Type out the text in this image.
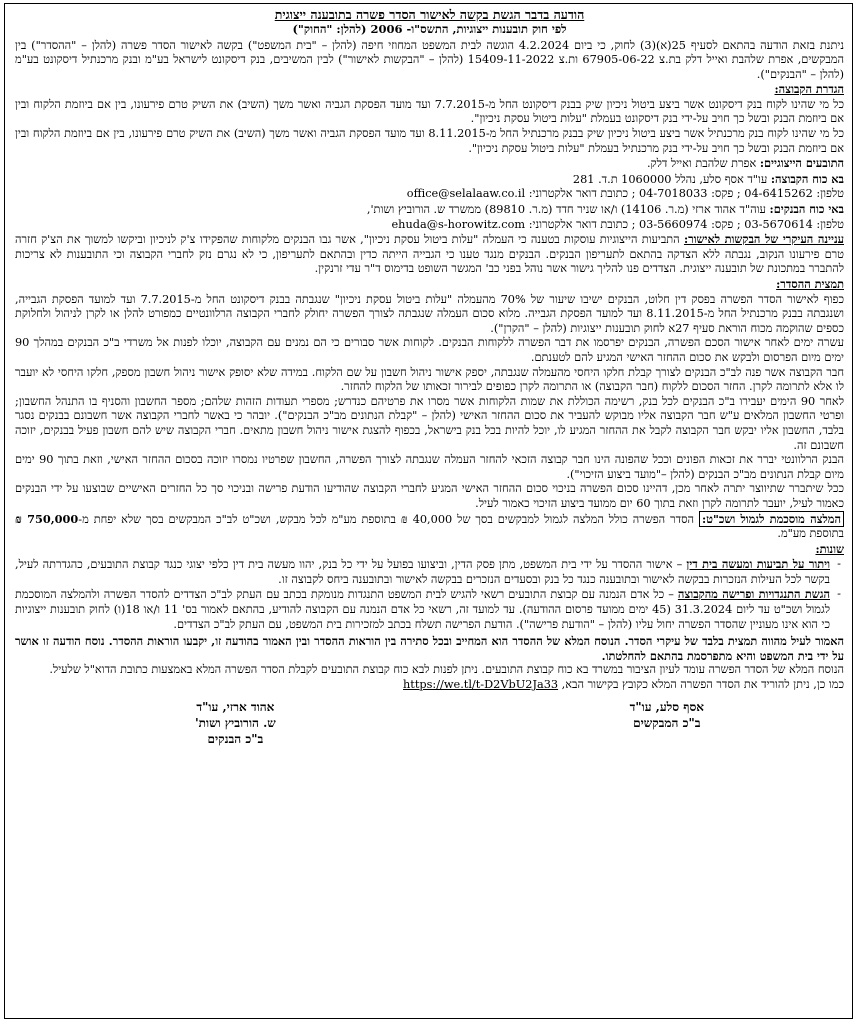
הודעה בדבר הגשת בקשה לאישור הסדר פשרה בתובענה ייצוגית
לפי חוק תובענות ייצוגיות, התשס"ו- 2006 (להלן: "החוק")

ניתנת בזאת הודעה בהתאם לסעיף 25(א)(3) לחוק, כי ביום 4.2.2024 הוגשה לבית המשפט המחוזי חיפה (להלן – "בית המשפט") בקשה לאישור הסדר פשרה (להלן – "ההסדר") בין המבקשים, אפרת שלהבת ואייל דלק בת.צ 67905-06-22 ות.צ 15409-11-2022 (להלן – "הבקשות לאישור") לבין המשיבים, בנק דיסקונט לישראל בע"מ ובנק מרכנתיל דיסקונט בע"מ (להלן – "הבנקים").

הגדרת הקבוצה:

כל מי שהינו לקוח בנק דיסקונט אשר ביצע ביטול ניכיון שיק בבנק דיסקונט החל מ-7.7.2015 ועד מועד הפסקת הגביה ואשר משך (השיב) את השיק טרם פירעונו, בין אם ביוזמת הלקוח ובין אם ביוזמת הבנק ובשל כך חויב על-ידי בנק דיסקונט בעמלת "עלות ביטול עסקת ניכיון".

כל מי שהינו לקוח בנק מרכנתיל אשר ביצע ביטול ניכיון שיק בבנק מרכנתיל החל מ-8.11.2015 ועד מועד הפסקת הגביה ואשר משך (השיב) את השיק טרם פירעונו, בין אם ביוזמת הלקוח ובין אם ביוזמת הבנק ובשל כך חויב על-ידי בנק מרכנתיל בעמלת "עלות ביטול עסקת ניכיון".

התובעים הייצוגיים: אפרת שלהבת ואייל דלק.

בא כוח הקבוצה: עו"ד אסף סלע, נהלל 1060000 ת.ד. 281

טלפון: 04-6415262 ; פקס: 04-7018033 ; כתובת דואר אלקטרוני: office@selalaaw.co.il

באי כוח הבנקים: עוה"ד אהוד ארזי (מ.ר. 14106) ו/או שניר חדד (מ.ר. 89810) ממשרד ש. הורוביץ ושות',

טלפון: 03-5670614 ; פקס: 03-5660974 ; כתובת דואר אלקטרוני: ehuda@s-horowitz.com

עניינה העיקרי של הבקשות לאישור: התביעות הייצוגיות עוסקות בטענה כי העמלה "עלות ביטול עסקת ניכיון", אשר גבו הבנקים מלקוחות שהפקידו צ'ק לניכיון וביקשו למשוך את הצ'ק חזרה טרם פירעונו הנקוב, נגבתה ללא הצדקה בהתאם לתעריפון הבנקים. הבנקים מנגד טענו כי הגבייה הייתה כדין ובהתאם לתעריפון, כי לא נגרם נזק לחברי הקבוצה וכי התובענות לא צריכות להתברר במתכונת של תובענה ייצוגית. הצדדים פנו להליך גישור אשר נוהל בפני כב' המגשר השופט בדימוס ד"ר עדי זרנקין.

תמצית ההסדר:

כפוף לאישור הסדר הפשרה בפסק דין חלוט, הבנקים ישיבו שיעור של 70% מהעמלה "עלות ביטול עסקת ניכיון" שנגבתה בבנק דיסקונט החל מ-7.7.2015 ועד למועד הפסקת הגבייה, ושנגבתה בבנק מרכנתיל החל מ-8.11.2015 ועד למועד הפסקת הגבייה. מלוא סכום העמלה שנגבתה לצורך הפשרה יחולק לחברי הקבוצה הרלוונטיים כמפורט להלן או לקרן לניהול ולחלוקת כספים שהוקמה מכוח הוראת סעיף 27א לחוק תובענות ייצוגיות (להלן – "הקרן").

עשרה ימים לאחר אישור הסכם הפשרה, הבנקים יפרסמו את דבר הפשרה ללקוחות הבנקים. לקוחות אשר סבורים כי הם נמנים עם הקבוצה, יוכלו לפנות אל משרדי ב"כ הבנקים במהלך 90 ימים מיום הפרסום ולבקש את סכום ההחזר האישי המגיע להם לטענתם.

חבר הקבוצה אשר פנה לב"כ הבנקים לצורך קבלת חלקו היחסי מהעמלה שנגבתה, יספק אישור ניהול חשבון על שם הלקוח. במידה שלא יסופק אישור ניהול חשבון מספק, חלקו היחסי לא יועבר לו אלא לתרומה לקרן. החזר הסכום ללקוח (חבר הקבוצה) או התרומה לקרן כפופים לבירור זכאותו של הלקוח להחזר.

לאחר 90 הימים יעבירו ב"כ הבנקים לכל בנק, רשימה הכוללת את שמות הלקוחות אשר מסרו את פרטיהם כנדרש; מספרי תעודות הזהות שלהם; מספר החשבון והסניף בו התנהל החשבון; ופרטי החשבון המלאים ע"ש חבר הקבוצה אליו מבוקש להעביר את סכום ההחזר האישי (להלן – "קבלת הנתונים מב"כ הבנקים"). יובהר כי באשר לחברי הקבוצה אשר חשבונם בבנקים נסגר בלבד, החשבון אליו יבקש חבר הקבוצה לקבל את ההחזר המגיע לו, יוכל להיות בכל בנק בישראל, בכפוף להצגת אישור ניהול חשבון מתאים. חברי הקבוצה שיש להם חשבון פעיל בבנקים, יזוכה חשבונם זה.

הבנק הרלוונטי יברר את זכאות הפונים וככל שהפונה הינו חבר קבוצה הזכאי להחזר העמלה שנגבתה לצורך הפשרה, החשבון שפרטיו נמסרו יזוכה בסכום ההחזר האישי, וזאת בתוך 90 ימים מיום קבלת הנתונים מב"כ הבנקים (להלן –"מועד ביצוע הזיכוי").

ככל שיתברר שתיווצר יתרה לאחר מכן, דהיינו סכום הפשרה בניכוי סכום ההחזר האישי המגיע לחברי הקבוצה שהודיעו הודעת פרישה ובניכוי סך כל החזרים האישיים שבוצעו על ידי הבנקים כאמור לעיל, יועבר לתרומה לקרן וזאת בתוך 60 יום ממועד ביצוע הזיכוי כאמור לעיל.

המלצה מוסכמת לגמול ושכ"ט: הסדר הפשרה כולל המלצה לגמול למבקשים בסך של 40,000 ₪ בתוספת מע"מ לכל מבקש, ושכ"ט לב"כ המבקשים בסך שלא יפחת מ-750,000 ₪ בתוספת מע"מ.

שונות:

- ויתור על תביעות ומעשה בית דין – אישור ההסדר על ידי בית המשפט, מתן פסק הדין, וביצועו בפועל על ידי כל בנק, יהוו מעשה בית דין כלפי יצוגי כנגד קבוצת התובעים, כהגדרתה לעיל, בקשר לכל העילות הנזכרות בבקשה לאישור ובתובענה כנגד כל בנק ובסעדים הנזכרים בבקשה לאישור ובתובענה ביחס לקבוצה זו.
- הגשת התנגדויות ופרישה מהקבוצה – כל אדם הנמנה עם קבוצת התובעים רשאי להגיש לבית המשפט התנגדות מנומקת בכתב עם העתק לב"כ הצדדים להסדר הפשרה ולהמלצה המוסכמת לגמול ושכ"ט עד ליום 31.3.2024 (45 ימים ממועד פרסום ההודעה). עד למועד זה, רשאי כל אדם הנמנה עם הקבוצה להודיע, בהתאם לאמור בס' 11 ו/או 18(ו) לחוק תובענות ייצוגיות כי הוא אינו מעוניין שהסדר הפשרה יחול עליו (להלן – "הודעת פרישה"). הודעת הפרישה תשלח בכתב למזכירות בית המשפט, עם העתק לב"כ הצדדים.

האמור לעיל מהווה תמצית בלבד של עיקרי הסדר. הנוסח המלא של ההסדר הוא המחייב ובכל סתירה בין הוראות ההסדר ובין האמור בהודעה זו, יקבעו הוראות ההסדר. נוסח הודעה זו אושר על ידי בית המשפט והיא מתפרסמת בהתאם להחלטתו.

הנוסח המלא של הסדר הפשרה עומד לעיון הציבור במשרד בא כוח קבוצת התובעים. ניתן לפנות לבא כוח קבוצת התובעים לקבלת הסדר הפשרה המלא באמצעות כתובת הדוא"ל שלעיל.

כמו כן, ניתן להוריד את הסדר הפשרה המלא כקובץ בקישור הבא, https://we.tl/t-D2VbU2Ja33

אסף סלע, עו"ד
ב"כ המבקשים
אהוד ארזי, עו"ד
ש. הורוביץ ושות'
ב"כ הבנקים
